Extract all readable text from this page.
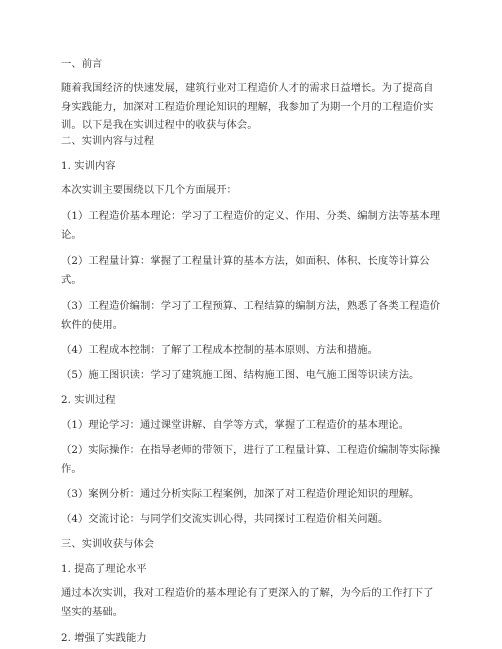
一、前言

随着我国经济的快速发展，建筑行业对工程造价人才的需求日益增长。为了提高自身实践能力，加深对工程造价理论知识的理解，我参加了为期一个月的工程造价实训。以下是我在实训过程中的收获与体会。

二、实训内容与过程

1. 实训内容

本次实训主要围绕以下几个方面展开：

（1）工程造价基本理论：学习了工程造价的定义、作用、分类、编制方法等基本理论。

（2）工程量计算：掌握了工程量计算的基本方法，如面积、体积、长度等计算公式。

（3）工程造价编制：学习了工程预算、工程结算的编制方法，熟悉了各类工程造价软件的使用。

（4）工程成本控制：了解了工程成本控制的基本原则、方法和措施。

（5）施工图识读：学习了建筑施工图、结构施工图、电气施工图等识读方法。

2. 实训过程

（1）理论学习：通过课堂讲解、自学等方式，掌握了工程造价的基本理论。

（2）实际操作：在指导老师的带领下，进行了工程量计算、工程造价编制等实际操作。

（3）案例分析：通过分析实际工程案例，加深了对工程造价理论知识的理解。

（4）交流讨论：与同学们交流实训心得，共同探讨工程造价相关问题。

三、实训收获与体会

1. 提高了理论水平

通过本次实训，我对工程造价的基本理论有了更深入的了解，为今后的工作打下了坚实的基础。

2. 增强了实践能力
